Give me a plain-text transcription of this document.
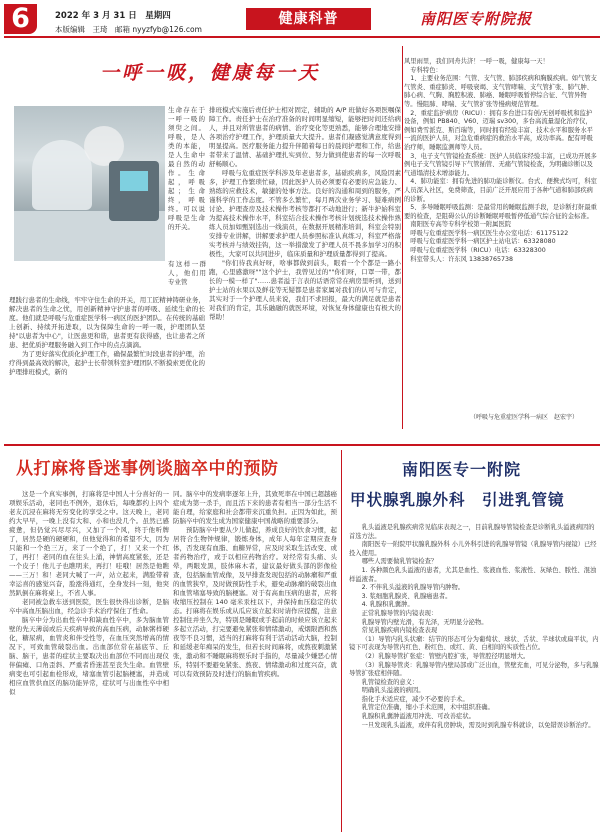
6	2022 年 3 月 31 日　星期四
本版编辑　王琦　邮箱 nyyzfyb@126.com
健康科普	南阳医专附院报
一呼一吸，健康每一天

生命存在于一呼一吸的须臾之间。呼吸，是人类的本能，是人生命中最自然的动作。生命起，呼吸起；生命终，呼吸终。可以说呼吸是生命的开关。

有这样一群人，他们用专业管

理践行患者的生命线，牢牢守住生命的开关，用工匠精神铸研业务，解决患者的生命之忧，用创新精神守护患者的呼吸、延续生命的长度。他们就是呼吸与危重症医学科一病区的医护团队。在传统的基础上创新、持续开拓进取，以为保障生命的一呼一吸，护理团队坚持"以患者为中心"，让医患更和谐，患者更有获得感，也让患者之所患、把优质护理服务融入到工作中的点点滴滴。

为了更好落实优质化护理工作，确保最繁忙时段患者的护理，治疗得到最高效的解决，起护士长带领科室护理团队不断摸索更优化的护理排班模式，新的

排班模式实施后责任护士相对固定，辅助的 A/P 班做好各项医嘱保障工作。责任护士在治疗准备的时间明显缩短，能够把时间还给病人，并且对所管患者的病情、治疗变化等更熟悉，能够合理地安排各项治疗护理工作，护理质量大大提升。患者们凝感觉满意度得到明显提高。医疗服务能力提升伴随着每日的晨间护理和工作，给患者带来了温情、基础护理扎实到位、努力做到使患者的每一次呼吸舒畅顺心。

呼吸与危重症医学科涉及年老患者多，基础疾病多，风险因素多，护理工作繁琐忙碌，因此医护人员必须要有必要的应急能力、熟练的应救技术，敏捷的处事方法。良好的沟通和周到的服务，严谨科学的工作态度。不管多么繁忙，每月两次业务学习、疑难病例讨论、护理查房及技术操作考核等都打不动地进行；新牛护始科室为提高技术操作水平，科室结合技术操作考核计划统选技术操作熟练人员加如甄别选出一线演员，在数据开展精准培训，科室会特别安排专业讲解，讲解要求护理人员参照标准认真练习，科室严格落实考核并与绩效挂钩，这一举措激发了护理人员不畏多加学习的积极性，大家可以共同进步，临床质量和护理质量都得到了提高。

"你们待我真好呀，啥事都做到前头，眼看一个个都是一路小跑，心里感激呀""这个护士，我曾见过的""你们呀，口罩一带，都长的一模一样了"……患者溢于言表的话语常常在病房里听到，送到护士站的水果以及鲜花等无疑都是患者家属对我们的认可与肯定，其实对于一个护理人员来说，我们不求回报，最大的满足就是患者对我们的肯定，其乐融融的就医环境，对恢复身体健康也有极大的帮助！

风里雨里，我们同舟共济！一呼一吸，健康每一天！

专科特色：

1、主要业务范围：气管、支气管、肺部疾病和胸膜疾病。如气管支气管炎、重症肺炎、呼吸衰竭、支气管哮喘、支气管扩张、肺气肿、肺心病、气胸、胸腔积液、肺癌、睡眠呼吸暂停综合征、气管异物等。慢阻肺、哮喘、支气管扩张等慢病规范管理。

2、重症监护病房（RICU）：拥有多台进口有创/无创呼吸机和监护设备，例如 PB840、V60、迈瑞 sv300，多台高流量湿化治疗仪，例如费雪派克、斯百瑞等，同时拥有经验丰富、技术水平和服务水平一流的医护人员，对急危重病症的救治水平高，成功率高。配有呼吸治疗师，睡眠监测师等人员。

3、电子支气管镜检查系统：医护人员临床经验丰富，已成功开展多例电子支气管镜引导下气管插管、无痛气管镜检查，为明确诊断以及气道塌清技术增添能力。

4、肺功能室：拥有先进的肺功能诊断仪。台式、便携式均可，科室人员深入社区，免费筛查，目前广泛开展应用于各种气道和肺部疾病的诊断。

5、多导睡眠呼吸监测：是最常用的睡眠监测手段，是诊断打鼾最重要的检查，是阻碍公认的诊断睡眠呼吸暂停低通气综合征的金标准。

南阳医专高等专科学校第一附属医院

呼吸与危重症医学科一病区医生办公室电话：61175122

呼吸与危重症医学科一病区护士站电话：63328080

呼吸与危重症医学科（RICU）电话：63328300

科室带头人：许东风 13838765738

（呼吸与危重症医学科一病区　赵宏宇）
从打麻将昏迷事例谈脑卒中的预防

这是一个真实事例，打麻将是中国人十分喜好的一项娱乐活动，老同也不例外，退休后，每晚都约上四个老友沉浸在麻将无穷变化的享受之中。这天晚上，老同约大早早，一晚上没有大和、小和也没几个。虽然已感疲惫，但仍觉兴尽尽兴，又加了一个风，终于他听牌了，居然是硬的硬硬和，但他觉得和的希望不大，因为只能和一个绝三万，来了一个绝了，打！又来一个红了，再打！老同的血在往头上涌，神情高度紧张，还是一个皮子！他儿子也瞧明来，再打！哇哦！居然是他瞧——三万！和！老同大喊了一声，站立起来，满脸带着幸运喜的感觉兴奋，脸涨得通红，全身发抖一刻，他突然趴倒在麻将桌上，不省人事。

老同被急救车送到医院，医生很快得出诊断，是脑卒中高血压脑出血，经急诊手术治疗保住了性命。

脑卒中分为出血性卒中和缺血性卒中，多为脑血管壁的先天薄弱或后天疾病导致的高血压病，动脉粥样硬化，糖尿病，血管炎和伴受性等，在血压突然增高的情况下，可致血管破裂出血。出血部位常在基底节、丘脑、脑干，患者的症状主要取决出血部位不同而出现仪伴偏瘫、口角歪斜、严重者昏迷甚至丧失生命。血管壁病变也可引起血栓形成，堵塞血管引起脑梗塞，并造成相应血管供血区的脑功能异常，症状可与出血性卒中相似

同。脑卒中的发病率逐年上升，其致死率在中国已超越癌症成为第一杀手，而且活下来的患者有相当一部分生活不能自理，给家庭和社会都带来沉重负担。正因为如此，预防脑卒中的发生成为国家健康中国战略的重要部分。

预防脑卒中要从少儿做起，养成良好的饮食习惯，起居符合生物钟规律，锻炼身体，成年人每年定期应查身体，否发现有血脂、血糖异常，应及时采取生活改变、或者药物治疗，或于以相应药物治疗。对经常有头痛、头晕，两眼发黑，肢体麻木者，建议最好做头部的影像检查，包括脑血管成像，及早排查发现包括的动脉瘤和严重的血管狭窄，及时做预防性手术，避免动脉瘤的破裂出血和血管堵塞导致的脑梗塞。对于有高血压病的患者，应将收缩压控制在 140 毫米汞柱以下，并保持血压稳定的状态。打麻将在娱乐或从瓜应该立起来时请作应提醒，注意控制住并坐久为，特别是睡眠或手起前的时候应该立起来多起立活动，打完要避免紧张和情绪激动，戒烟限酒和熬夜等不良习惯，适当的打麻将有利于活动活动大脑，控制和延缓老年痴呆的发生，但若长时间麻将，或熬夜刺激紧张，激动和不睡眠麻将娱乐时手指的，尽量减少嫌恶心情乐，特别不要避免紧张、熬夜、情绪激动和过度兴奋，就可以有效预防及时进行的脑血管疾病。

南阳医专一附院
甲状腺乳腺外科　引进乳管镜

乳头溢液是乳腺疾病常见临床表现之一，目前乳腺导管镜检查是诊断乳头溢液病因的首选方法。

南阳医专一附院甲状腺乳腺外科 小儿外科引进的乳腺导管镜（乳腺导管内视镜）已经投入使用。

哪些人需要做乳管镜检查？

1. 各种颜色乳头溢液的患者，尤其是血性、浆液血性、浆液性、灰绿色、脓性、混浊样溢液者。

2. 不伴乳头溢液的乳腺导管内肿物。

3. 浆细胞乳腺炎、乳腺癌患者。

4. 乳腺积乳囊肿。

正常乳腺导管的内镜表现：

乳腺导管内壁光滑，有光泽，无明显分泌物。

常见乳腺疾病内镜检查表现

（1）导管内乳头状瘤：结节的形态可分为葡萄状、球状、舌状、半球状或扁平状，内镜下可表现为导管内红色、粉红色、或红、黄、白相间的实质性占位。

（2）乳腺导管扩张症：管壁内腔扩张，导管腔径明显增大。

（3）乳腺导管炎：乳腺导管内壁局部或广泛出血，管壁充血，可见分泌物，多与乳腺导管扩张症相伴随。

乳管镜检查的意义：

明确乳头溢液的病因。

指化手术适应症，减少不必要的手术。

乳管定位准确，缩小手术范围，术中组织准确。

乳腺积乳囊肿溢液用冲洗、可改善症状。

一旦发现乳头溢液，或伴有乳房肿块，需及时到乳腺专科就诊，以免错误诊断治疗。
